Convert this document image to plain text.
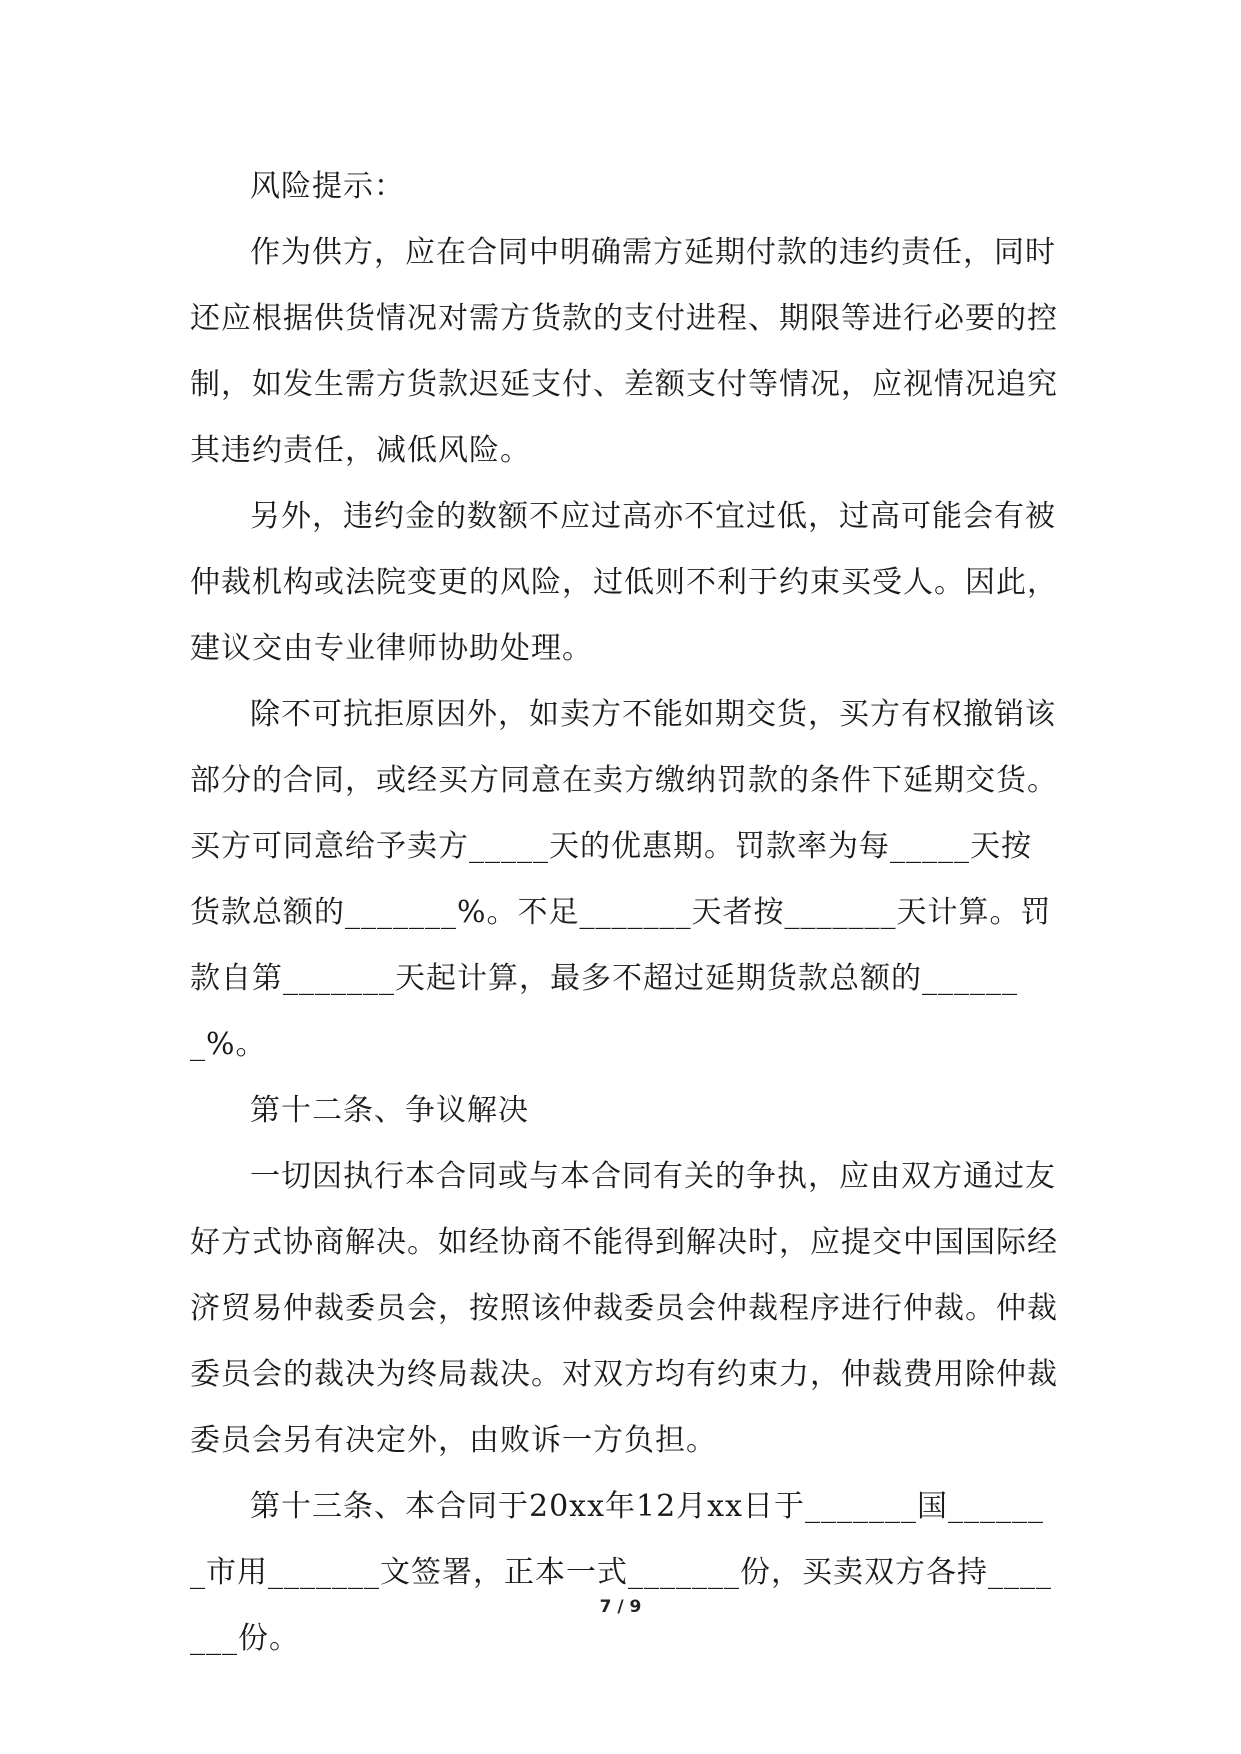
风险提示：

作为供方，应在合同中明确需方延期付款的违约责任，同时还应根据供货情况对需方货款的支付进程、期限等进行必要的控制，如发生需方货款迟延支付、差额支付等情况，应视情况追究其违约责任，减低风险。

另外，违约金的数额不应过高亦不宜过低，过高可能会有被仲裁机构或法院变更的风险，过低则不利于约束买受人。因此，建议交由专业律师协助处理。

除不可抗拒原因外，如卖方不能如期交货，买方有权撤销该部分的合同，或经买方同意在卖方缴纳罚款的条件下延期交货。买方可同意给予卖方_____天的优惠期。罚款率为每_____天按货款总额的_______%。不足_______天者按_______天计算。罚款自第_______天起计算，最多不超过延期货款总额的_______%。

第十二条、争议解决

一切因执行本合同或与本合同有关的争执，应由双方通过友好方式协商解决。如经协商不能得到解决时，应提交中国国际经济贸易仲裁委员会，按照该仲裁委员会仲裁程序进行仲裁。仲裁委员会的裁决为终局裁决。对双方均有约束力，仲裁费用除仲裁委员会另有决定外，由败诉一方负担。

第十三条、本合同于20xx年12月xx日于_______国_______市用_______文签署，正本一式_______份，买卖双方各持_______份。

7 / 9
